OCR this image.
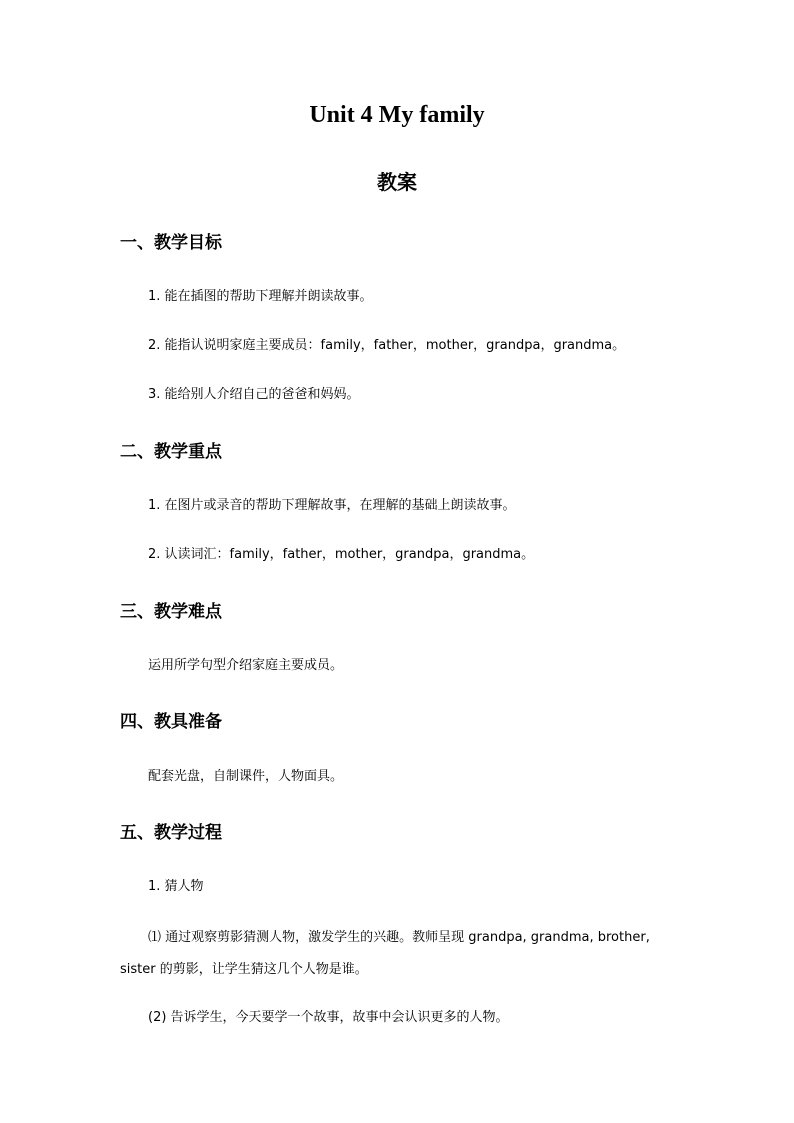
Unit 4 My family
教案
一、教学目标
1. 能在插图的帮助下理解并朗读故事。
2. 能指认说明家庭主要成员：family，father，mother，grandpa，grandma。
3. 能给别人介绍自己的爸爸和妈妈。
二、教学重点
1. 在图片或录音的帮助下理解故事，在理解的基础上朗读故事。
2. 认读词汇：family，father，mother，grandpa，grandma。
三、教学难点
运用所学句型介绍家庭主要成员。
四、教具准备
配套光盘，自制课件，人物面具。
五、教学过程
1. 猜人物
⑴ 通过观察剪影猜测人物，激发学生的兴趣。教师呈现 grandpa, grandma, brother,
sister 的剪影，让学生猜这几个人物是谁。
(2) 告诉学生，今天要学一个故事，故事中会认识更多的人物。
